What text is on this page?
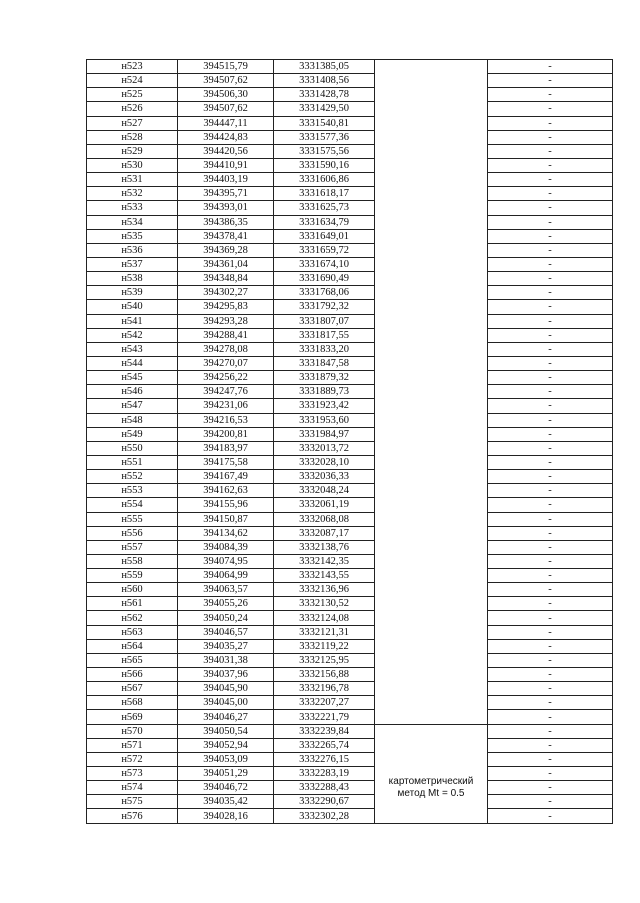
н523	394515,79	3331385,05		-
н524	394507,62	3331408,56		-
н525	394506,30	3331428,78		-
н526	394507,62	3331429,50		-
н527	394447,11	3331540,81		-
н528	394424,83	3331577,36		-
н529	394420,56	3331575,56		-
н530	394410,91	3331590,16		-
н531	394403,19	3331606,86		-
н532	394395,71	3331618,17		-
н533	394393,01	3331625,73		-
н534	394386,35	3331634,79		-
н535	394378,41	3331649,01		-
н536	394369,28	3331659,72		-
н537	394361,04	3331674,10		-
н538	394348,84	3331690,49		-
н539	394302,27	3331768,06		-
н540	394295,83	3331792,32		-
н541	394293,28	3331807,07		-
н542	394288,41	3331817,55		-
н543	394278,08	3331833,20		-
н544	394270,07	3331847,58		-
н545	394256,22	3331879,32		-
н546	394247,76	3331889,73		-
н547	394231,06	3331923,42		-
н548	394216,53	3331953,60		-
н549	394200,81	3331984,97		-
н550	394183,97	3332013,72		-
н551	394175,58	3332028,10		-
н552	394167,49	3332036,33		-
н553	394162,63	3332048,24		-
н554	394155,96	3332061,19		-
н555	394150,87	3332068,08		-
н556	394134,62	3332087,17		-
н557	394084,39	3332138,76		-
н558	394074,95	3332142,35		-
н559	394064,99	3332143,55		-
н560	394063,57	3332136,96		-
н561	394055,26	3332130,52		-
н562	394050,24	3332124,08		-
н563	394046,57	3332121,31		-
н564	394035,27	3332119,22		-
н565	394031,38	3332125,95		-
н566	394037,96	3332156,88		-
н567	394045,90	3332196,78		-
н568	394045,00	3332207,27		-
н569	394046,27	3332221,79		-
н570	394050,54	3332239,84	картометрический метод Mt = 0.5	-
н571	394052,94	3332265,74		-
н572	394053,09	3332276,15		-
н573	394051,29	3332283,19		-
н574	394046,72	3332288,43		-
н575	394035,42	3332290,67		-
н576	394028,16	3332302,28		-
